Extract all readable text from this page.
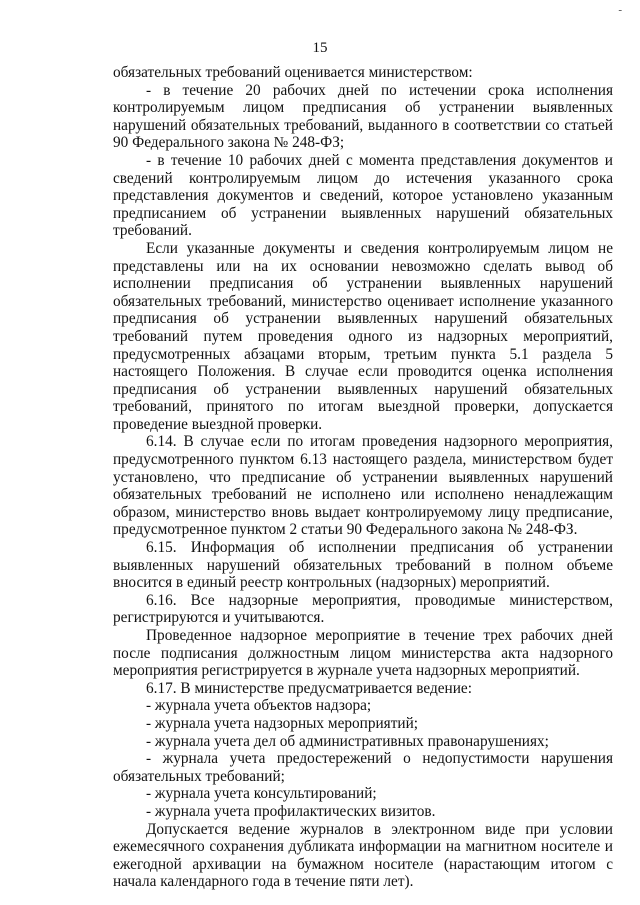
-
15

обязательных требований оценивается министерством:

- в течение 20 рабочих дней по истечении срока исполнения контролируемым лицом предписания об устранении выявленных нарушений обязательных требований, выданного в соответствии со статьей 90 Федерального закона № 248-ФЗ;

- в течение 10 рабочих дней с момента представления документов и сведений контролируемым лицом до истечения указанного срока представления документов и сведений, которое установлено указанным предписанием об устранении выявленных нарушений обязательных требований.

Если указанные документы и сведения контролируемым лицом не представлены или на их основании невозможно сделать вывод об исполнении предписания об устранении выявленных нарушений обязательных требований, министерство оценивает исполнение указанного предписания об устранении выявленных нарушений обязательных требований путем проведения одного из надзорных мероприятий, предусмотренных абзацами вторым, третьим пункта 5.1 раздела 5 настоящего Положения. В случае если проводится оценка исполнения предписания об устранении выявленных нарушений обязательных требований, принятого по итогам выездной проверки, допускается проведение выездной проверки.

6.14. В случае если по итогам проведения надзорного мероприятия, предусмотренного пунктом 6.13 настоящего раздела, министерством будет установлено, что предписание об устранении выявленных нарушений обязательных требований не исполнено или исполнено ненадлежащим образом, министерство вновь выдает контролируемому лицу предписание, предусмотренное пунктом 2 статьи 90 Федерального закона № 248-ФЗ.

6.15. Информация об исполнении предписания об устранении выявленных нарушений обязательных требований в полном объеме вносится в единый реестр контрольных (надзорных) мероприятий.

6.16. Все надзорные мероприятия, проводимые министерством, регистрируются и учитываются.

Проведенное надзорное мероприятие в течение трех рабочих дней после подписания должностным лицом министерства акта надзорного мероприятия регистрируется в журнале учета надзорных мероприятий.

6.17. В министерстве предусматривается ведение:

- журнала учета объектов надзора;

- журнала учета надзорных мероприятий;

- журнала учета дел об административных правонарушениях;

- журнала учета предостережений о недопустимости нарушения обязательных требований;

- журнала учета консультирований;

- журнала учета профилактических визитов.

Допускается ведение журналов в электронном виде при условии ежемесячного сохранения дубликата информации на магнитном носителе и ежегодной архивации на бумажном носителе (нарастающим итогом с начала календарного года в течение пяти лет).
